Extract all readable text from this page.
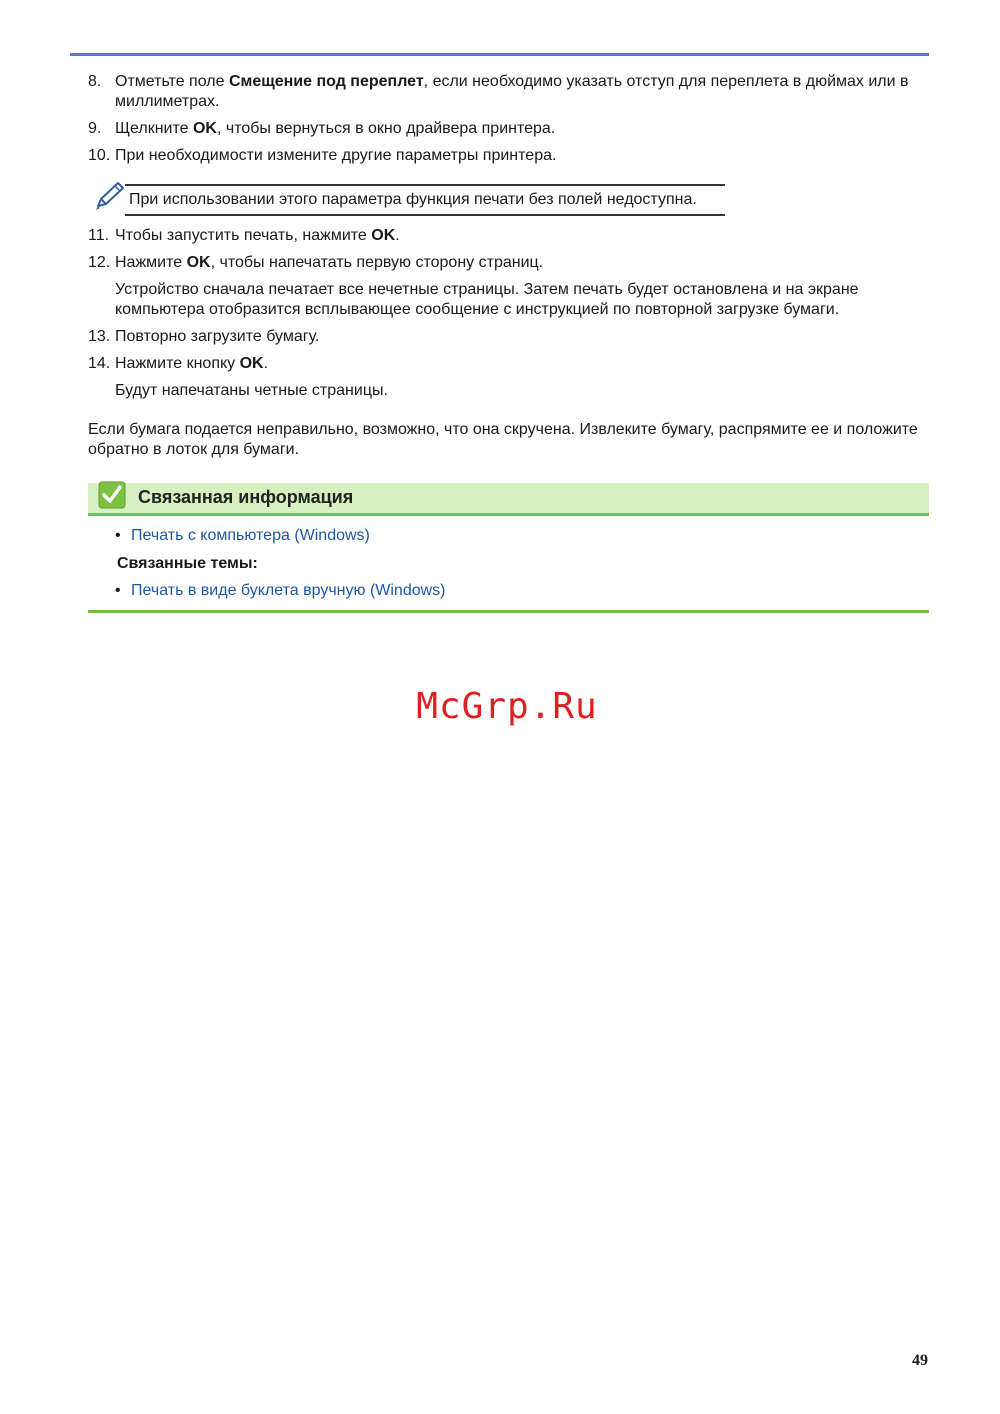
8. Отметьте поле Смещение под переплет, если необходимо указать отступ для переплета в дюймах или в миллиметрах.
9. Щелкните OK, чтобы вернуться в окно драйвера принтера.
10. При необходимости измените другие параметры принтера.
При использовании этого параметра функция печати без полей недоступна.
11. Чтобы запустить печать, нажмите OK.
12. Нажмите OK, чтобы напечатать первую сторону страниц.
Устройство сначала печатает все нечетные страницы. Затем печать будет остановлена и на экране компьютера отобразится всплывающее сообщение с инструкцией по повторной загрузке бумаги.
13. Повторно загрузите бумагу.
14. Нажмите кнопку OK.
Будут напечатаны четные страницы.
Если бумага подается неправильно, возможно, что она скручена. Извлеките бумагу, распрямите ее и положите обратно в лоток для бумаги.
Связанная информация
• Печать с компьютера (Windows)
Связанные темы:
• Печать в виде буклета вручную (Windows)
McGrp.Ru
49
